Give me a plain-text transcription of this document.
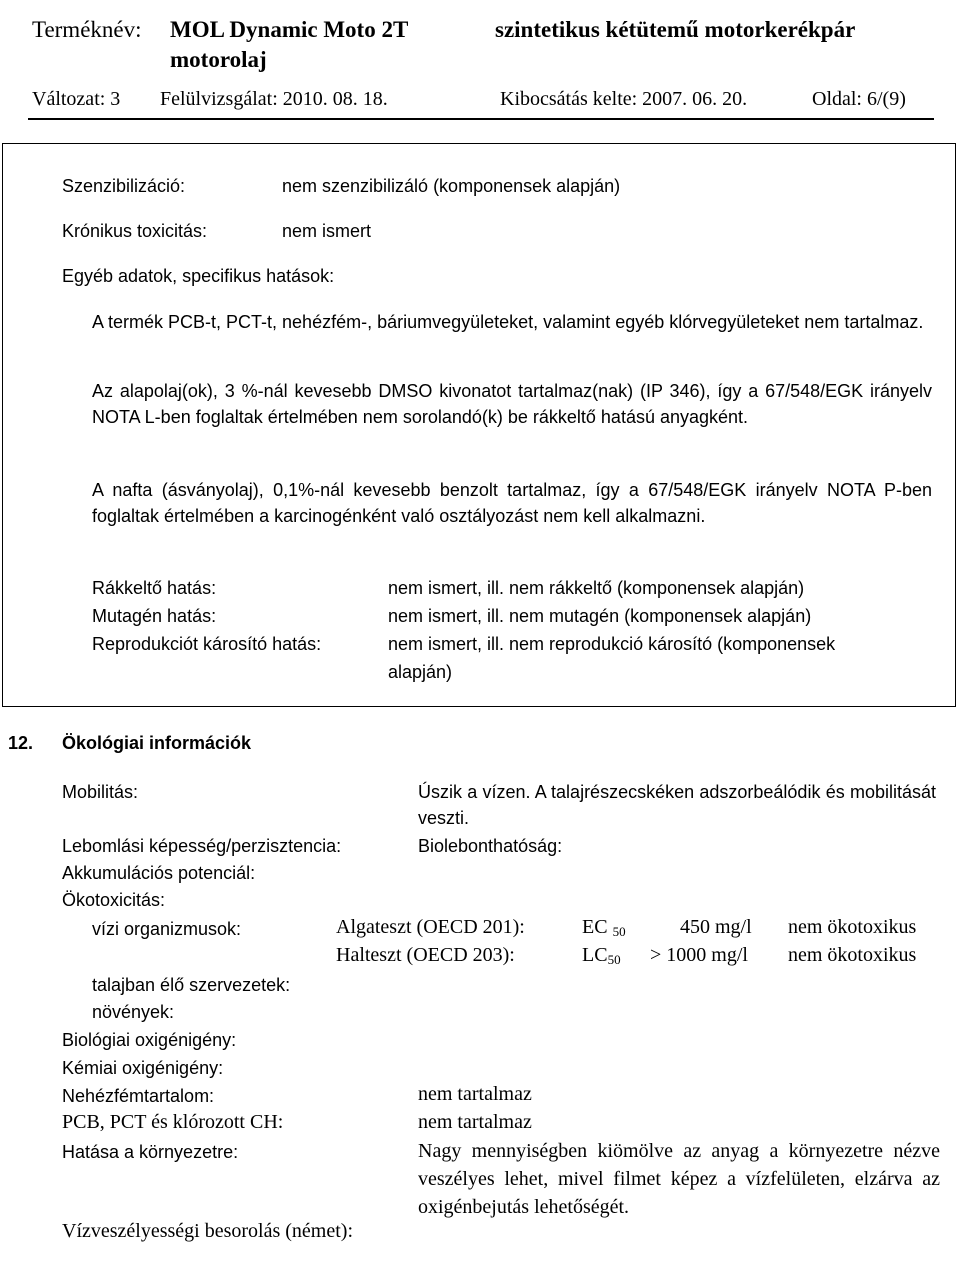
Terméknév: MOL Dynamic Moto 2T	szintetikus kétütemű motorkerékpár
motorolaj
Változat: 3 Felülvizsgálat: 2010. 08. 18.	Kibocsátás kelte: 2007. 06. 20.	Oldal: 6/(9)
Szenzibilizáció:	nem szenzibilizáló (komponensek alapján)
Krónikus toxicitás:	nem ismert
Egyéb adatok, specifikus hatások:
A termék PCB-t, PCT-t, nehézfém-, báriumvegyületeket, valamint egyéb klórvegyületeket nem tartalmaz.
Az alapolaj(ok), 3 %-nál kevesebb DMSO kivonatot tartalmaz(nak) (IP 346), így a 67/548/EGK irányelv NOTA L-ben foglaltak értelmében nem sorolandó(k) be rákkeltő hatású anyagként.
A nafta (ásványolaj), 0,1%-nál kevesebb benzolt tartalmaz, így a 67/548/EGK irányelv NOTA P-ben foglaltak értelmében a karcinogénként való osztályozást nem kell alkalmazni.
Rákkeltő hatás:	nem ismert, ill. nem rákkeltő (komponensek alapján)
Mutagén hatás:	nem ismert, ill. nem mutagén (komponensek alapján)
Reprodukciót károsító hatás:	nem ismert, ill. nem reprodukció károsító (komponensek
alapján)
12. Ökológiai információk
Mobilitás:	Úszik a vízen. A talajrészecskéken adszorbeálódik és mobilitását veszti.
Lebomlási képesség/perzisztencia:	Biolebonthatóság:
Akkumulációs potenciál:
Ökotoxicitás:
vízi organizmusok:	Algateszt (OECD 201):	EC $_{50}$	450 mg/l nem ökotoxikus
Halteszt (OECD 203):	$LC_{50} > 1000$ mg/l nem ökotoxikus
talajban élő szervezetek:
növények:
Biológiai oxigénigény:
Kémiai oxigénigény:
Nehézfémtartalom:	nem tartalmaz
PCB, PCT és klórozott CH:	nem tartalmaz
Hatása a környezetre:	Nagy mennyiségben kiömölve az anyag a környezetre nézve veszélyes lehet, mivel filmet képez a vízfelületen, elzárva az oxigénbejutás lehetőségét.
Vízveszélyességi besorolás (német):
